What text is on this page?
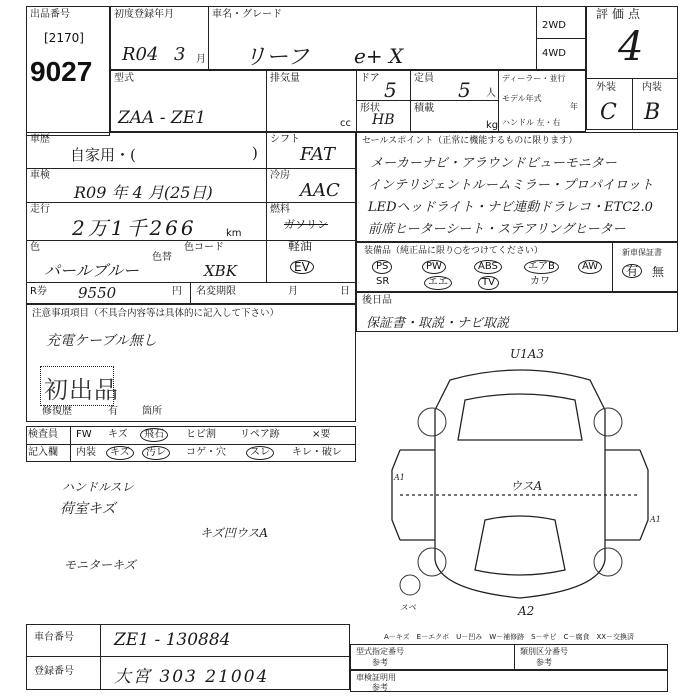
出品番号
[2170]
9027
初度登録年月
R04 3 月
車名・グレード
リーフ e+ X
2WD
4WD
評価点
4
外装	内装
C B
型式
ZAA - ZE1
排気量
cc
ドア 5 定員 5 人
形状
HB
積載
kg
ディーラー・並行
モデル年式
年
ハンドル 左・右
車歴
自家用・(	)
シフト
FAT
車検
R09 年 4 月(25日)
冷房
AAC
走行
2万1千266	km
燃料
ガソリン
軽油
EV
色
パールブルー
色替
色コード
XBK
R券 9550	円 名変期限	月	日
セールスポイント（正常に機能するものに限ります）
メーカーナビ・アラウンドビューモニター
インテリジェントルームミラー・プロパイロット
LEDヘッドライト・ナビ連動ドラレコ・ETC2.0
前席ヒーターシート・ステアリングヒーター
装備品（純正品に限り○をつけてください）	新車保証書
PS	PW	ABS	エアB	AW
SR	エエ	TV	カワ
有	無
後日品
保証書・取説・ナビ取説
注意事項項目（不具合内容等は具体的に記入して下さい）
充電ケーブル無し
初出品
修復歴	有 箇所
検査員
記入欄
FW キズ	飛石	ヒビ割 リペア跡	×要
内装	キズ	汚レ	コゲ・穴	スレ	キレ・破レ
ハンドルスレ
荷室キズ
キズ凹ウスA
モニターキズ
U1A3
ウスA
A1
A1
A2
スペ
A－キズ　E－エクボ　U－凹み　W－補修跡　S－サビ　C－腐食　XX－交換済
車台番号 ZE1 - 130884
登録番号 大宮 303 21004
型式指定番号
参考
類別区分番号
参考
車検証明用
参考
